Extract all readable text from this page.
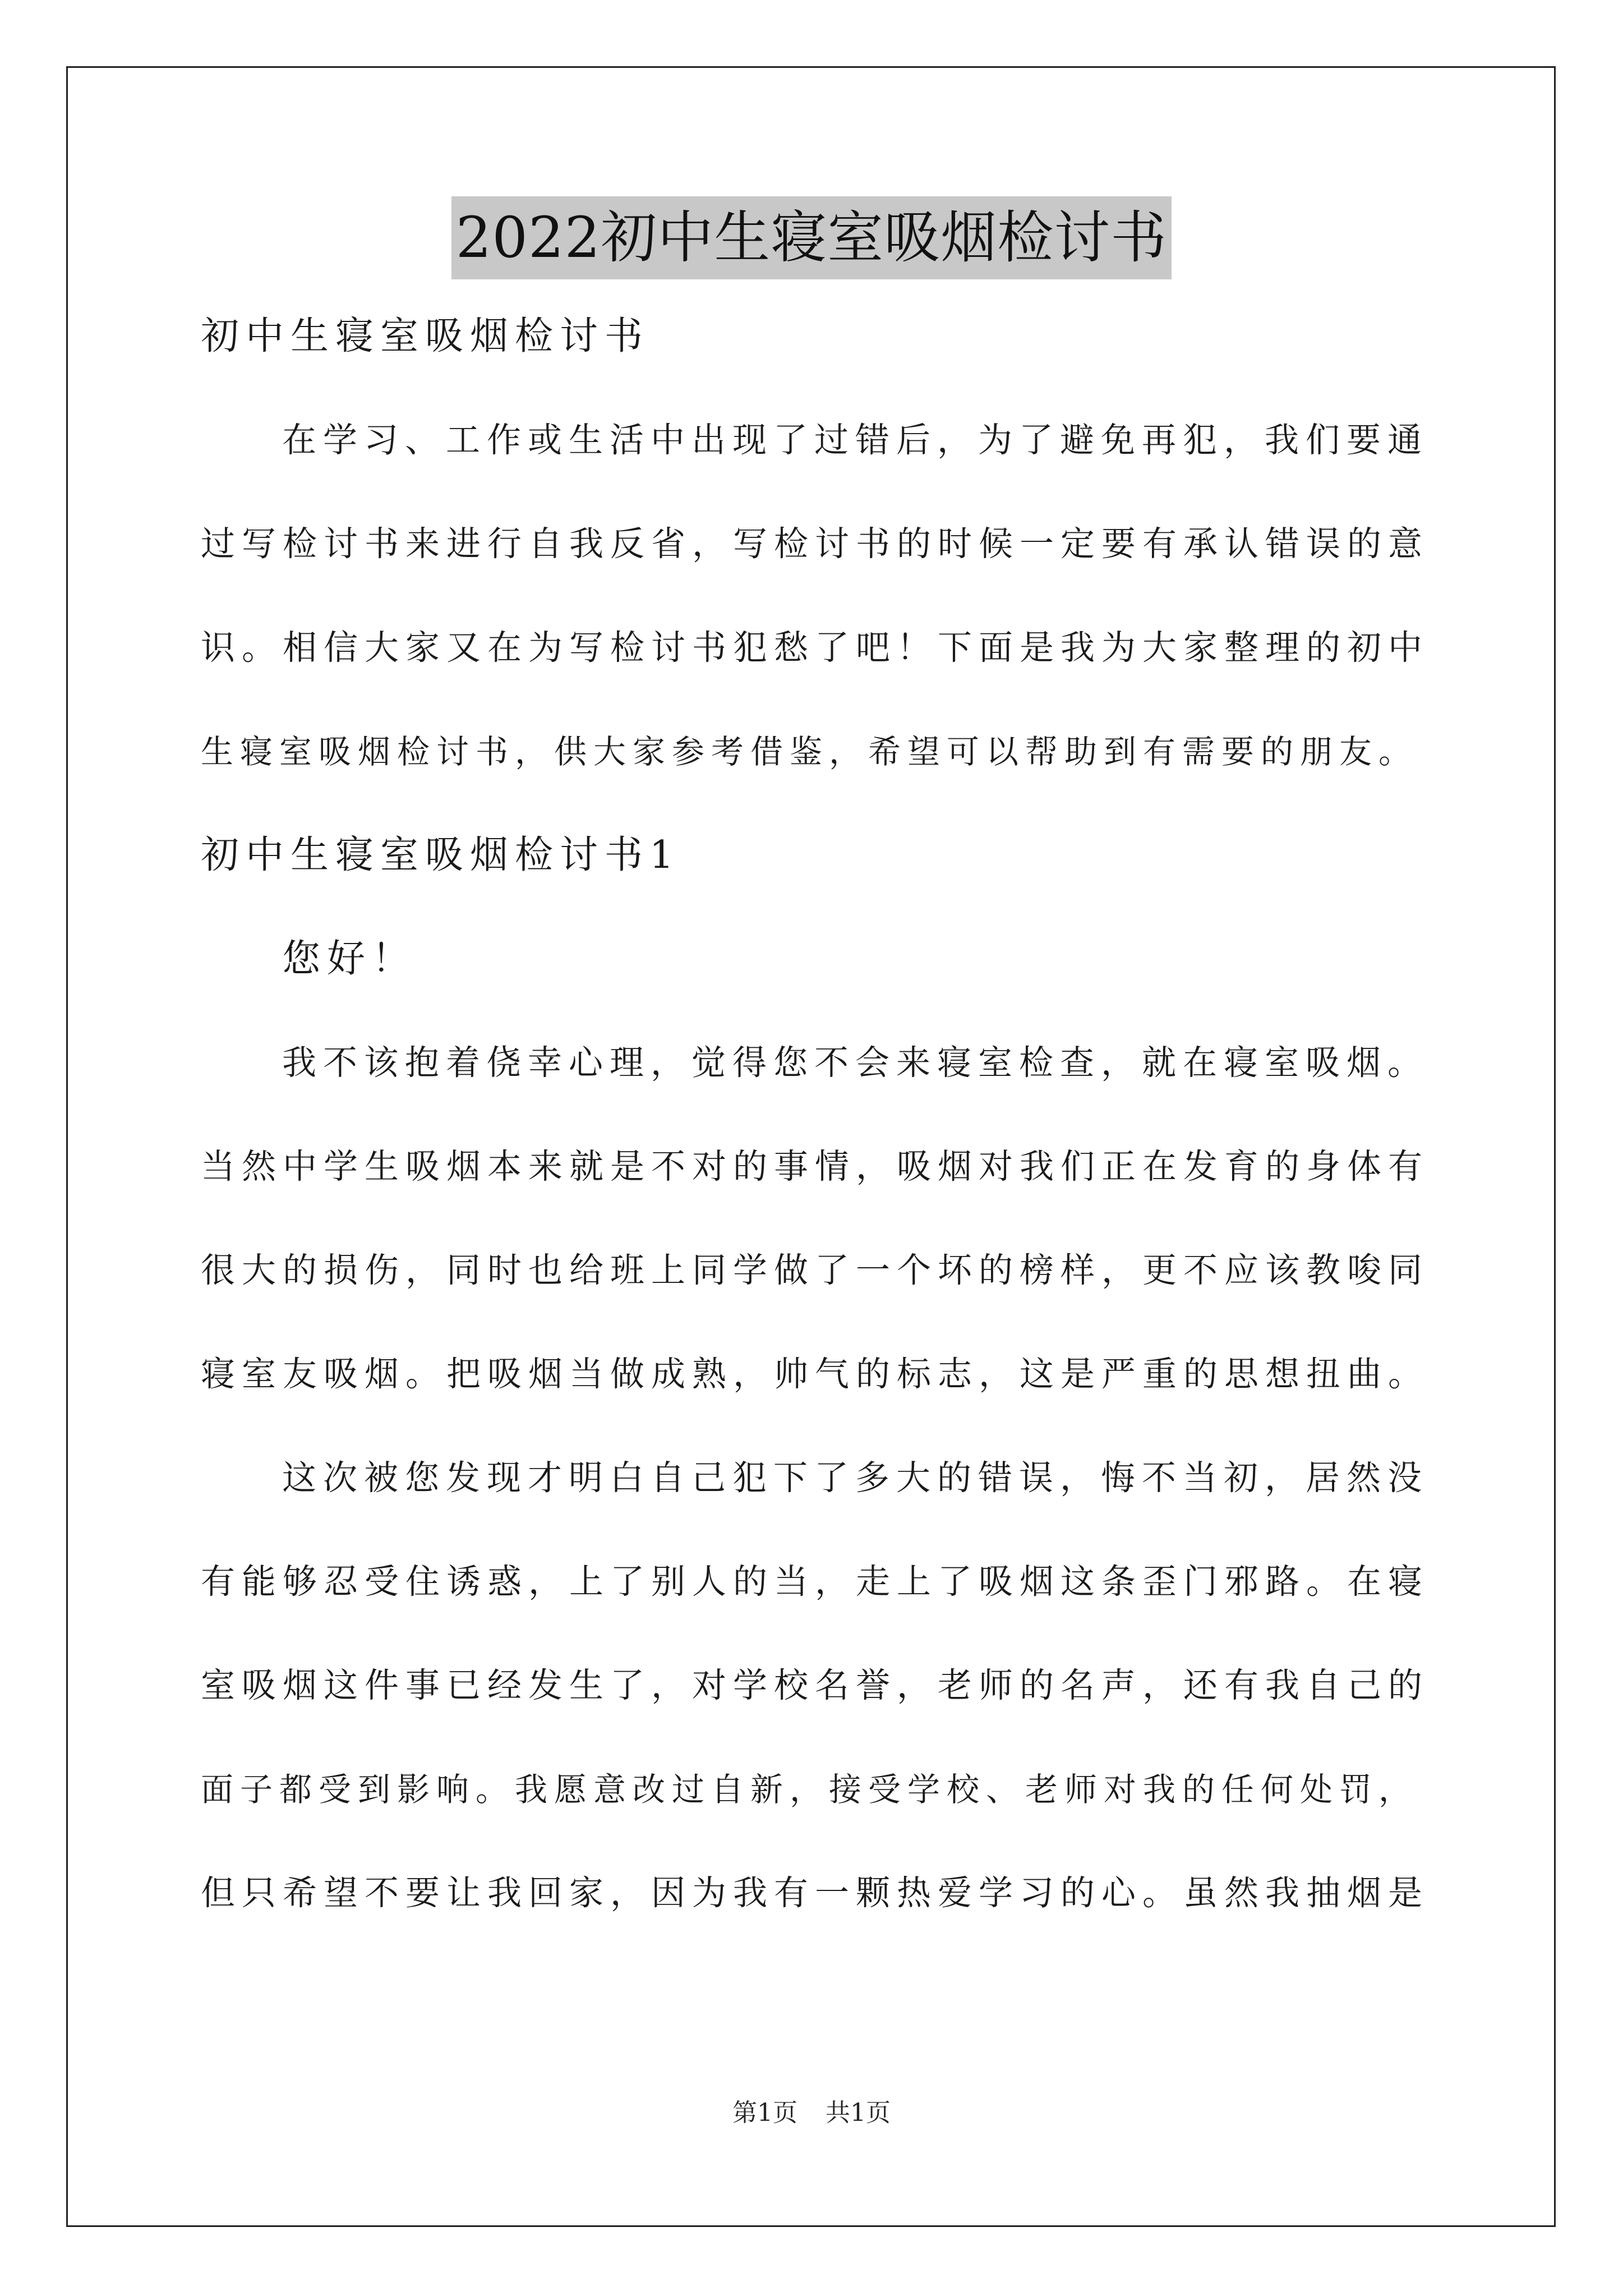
2022初中生寝室吸烟检讨书
初中生寝室吸烟检讨书
在学习、工作或生活中出现了过错后，为了避免再犯，我们要通
过写检讨书来进行自我反省，写检讨书的时候一定要有承认错误的意
识。相信大家又在为写检讨书犯愁了吧！下面是我为大家整理的初中
生寝室吸烟检讨书，供大家参考借鉴，希望可以帮助到有需要的朋友。
初中生寝室吸烟检讨书1
您好！
我不该抱着侥幸心理，觉得您不会来寝室检查，就在寝室吸烟。
当然中学生吸烟本来就是不对的事情，吸烟对我们正在发育的身体有
很大的损伤，同时也给班上同学做了一个坏的榜样，更不应该教唆同
寝室友吸烟。把吸烟当做成熟，帅气的标志，这是严重的思想扭曲。
这次被您发现才明白自己犯下了多大的错误，悔不当初，居然没
有能够忍受住诱惑，上了别人的当，走上了吸烟这条歪门邪路。在寝
室吸烟这件事已经发生了，对学校名誉，老师的名声，还有我自己的
面子都受到影响。我愿意改过自新，接受学校、老师对我的任何处罚，
但只希望不要让我回家，因为我有一颗热爱学习的心。虽然我抽烟是
第1页 共1页
